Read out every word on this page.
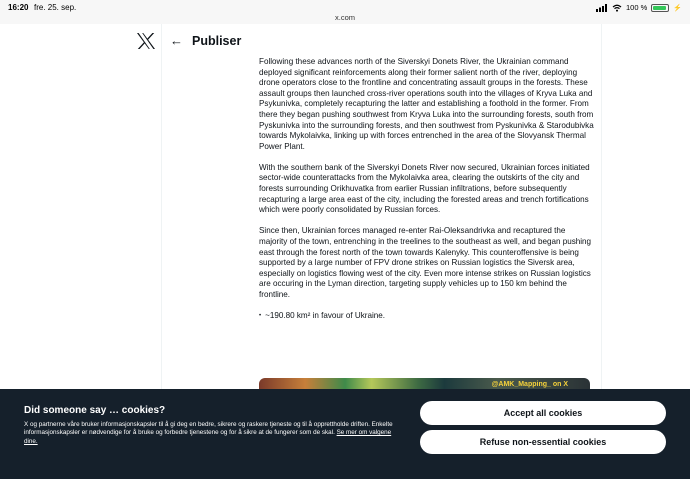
16:20 fre. 25. sep.
x.com
100 %	⚡
← Publiser

Following these advances north of the Siverskyi Donets River, the Ukrainian command deployed significant reinforcements along their former salient north of the river, deploying drone operators close to the frontline and concentrating assault groups in the forests. These assault groups then launched cross-river operations south into the villages of Kryva Luka and Psykunivka, completely recapturing the latter and establishing a foothold in the former. From there they began pushing southwest from Kryva Luka into the surrounding forests, south from Pyskunivka into the surrounding forests, and then southwest from Pyskunivka & Starodubivka towards Mykolaivka, linking up with forces entrenched in the area of the Slovyansk Thermal Power Plant.

With the southern bank of the Siverskyi Donets River now secured, Ukrainian forces initiated sector-wide counterattacks from the Mykolaivka area, clearing the outskirts of the city and forests surrounding Orikhuvatka from earlier Russian infiltrations, before subsequently recapturing a large area east of the city, including the forested areas and trench fortifications which were poorly consolidated by Russian forces.

Since then, Ukrainian forces managed re-enter Rai-Oleksandrivka and recaptured the majority of the town, entrenching in the treelines to the southeast as well, and began pushing east through the forest north of the town towards Kalenyky. This counteroffensive is being supported by a large number of FPV drone strikes on Russian logistics the Siversk area, especially on logistics flowing west of the city. Even more intense strikes on Russian logistics are occuring in the Lyman direction, targeting supply vehicles up to 150 km behind the frontline.

• ~190.80 km² in favour of Ukraine.
@AMK_Mapping_ on X
Did someone say … cookies?
X og partnerne våre bruker informasjonskapsler til å gi deg en bedre, sikrere og raskere tjeneste og til å opprettholde driften. Enkelte informasjonskapsler er nødvendige for å bruke og forbedre tjenestene og for å sikre at de fungerer som de skal. Se mer om valgene dine.
Accept all cookies
Refuse non-essential cookies
